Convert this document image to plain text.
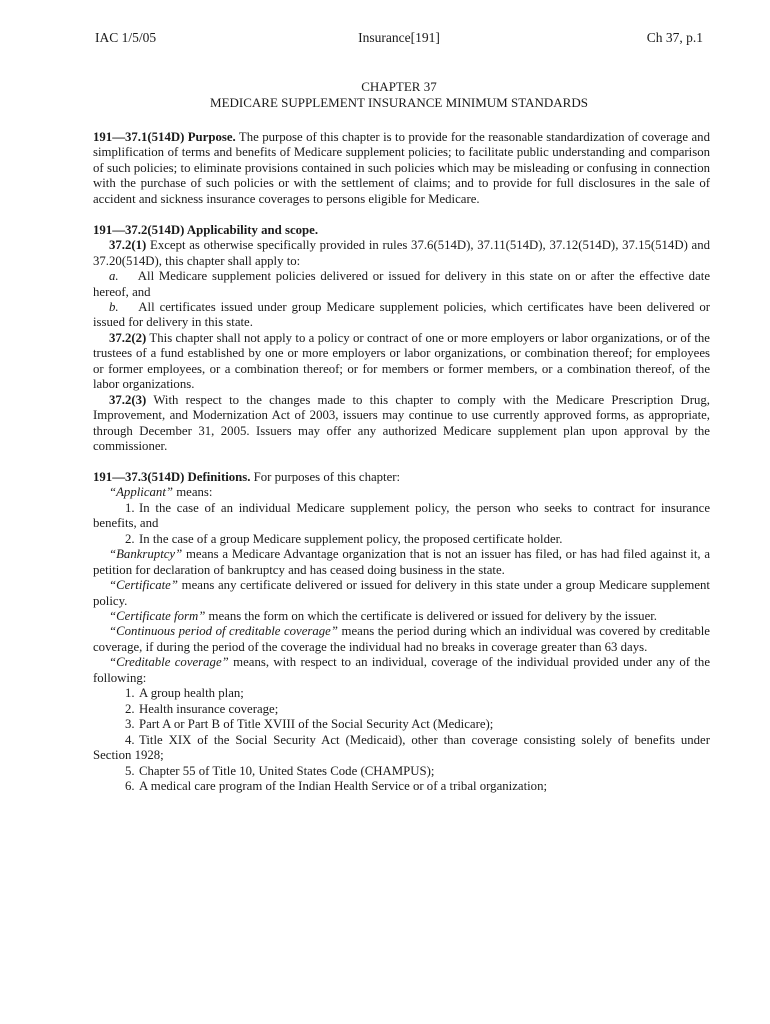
IAC 1/5/05	Insurance[191]	Ch 37, p.1
CHAPTER 37
MEDICARE SUPPLEMENT INSURANCE MINIMUM STANDARDS

191—37.1(514D) Purpose. The purpose of this chapter is to provide for the reasonable standardization of coverage and simplification of terms and benefits of Medicare supplement policies; to facilitate public understanding and comparison of such policies; to eliminate provisions contained in such policies which may be misleading or confusing in connection with the purchase of such policies or with the settlement of claims; and to provide for full disclosures in the sale of accident and sickness insurance coverages to persons eligible for Medicare.

191—37.2(514D) Applicability and scope.

37.2(1) Except as otherwise specifically provided in rules 37.6(514D), 37.11(514D), 37.12(514D), 37.15(514D) and 37.20(514D), this chapter shall apply to:

a. All Medicare supplement policies delivered or issued for delivery in this state on or after the effective date hereof, and

b. All certificates issued under group Medicare supplement policies, which certificates have been delivered or issued for delivery in this state.

37.2(2) This chapter shall not apply to a policy or contract of one or more employers or labor organizations, or of the trustees of a fund established by one or more employers or labor organizations, or combination thereof; for employees or former employees, or a combination thereof; or for members or former members, or a combination thereof, of the labor organizations.

37.2(3) With respect to the changes made to this chapter to comply with the Medicare Prescription Drug, Improvement, and Modernization Act of 2003, issuers may continue to use currently approved forms, as appropriate, through December 31, 2005. Issuers may offer any authorized Medicare supplement plan upon approval by the commissioner.

191—37.3(514D) Definitions. For purposes of this chapter:

“Applicant” means:

1. In the case of an individual Medicare supplement policy, the person who seeks to contract for insurance benefits, and

2. In the case of a group Medicare supplement policy, the proposed certificate holder.

“Bankruptcy” means a Medicare Advantage organization that is not an issuer has filed, or has had filed against it, a petition for declaration of bankruptcy and has ceased doing business in the state.

“Certificate” means any certificate delivered or issued for delivery in this state under a group Medicare supplement policy.

“Certificate form” means the form on which the certificate is delivered or issued for delivery by the issuer.

“Continuous period of creditable coverage” means the period during which an individual was covered by creditable coverage, if during the period of the coverage the individual had no breaks in coverage greater than 63 days.

“Creditable coverage” means, with respect to an individual, coverage of the individual provided under any of the following:

1. A group health plan;

2. Health insurance coverage;

3. Part A or Part B of Title XVIII of the Social Security Act (Medicare);

4. Title XIX of the Social Security Act (Medicaid), other than coverage consisting solely of benefits under Section 1928;

5. Chapter 55 of Title 10, United States Code (CHAMPUS);

6. A medical care program of the Indian Health Service or of a tribal organization;
